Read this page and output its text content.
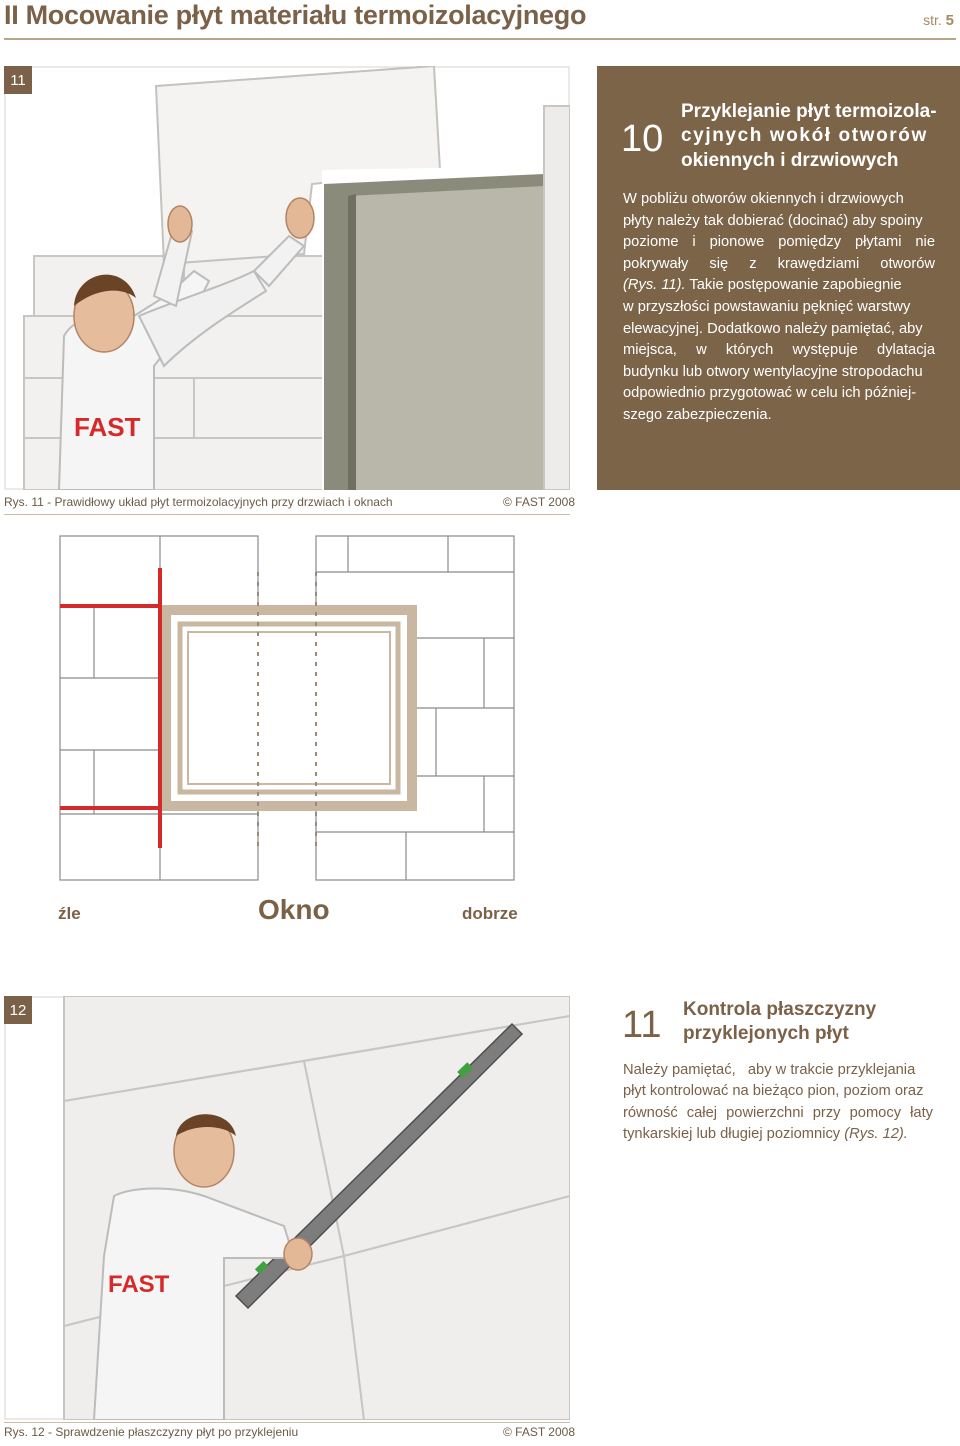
II Mocowanie płyt materiału termoizolacyjnego	str. 5
FAST
11
10
Przyklejanie płyt termoizola-
cyjnych wokół otworów
okiennych i drzwiowych
W pobliżu otworów okiennych i drzwiowych
płyty należy tak dobierać (docinać) aby spoiny
poziome i pionowe pomiędzy płytami nie
pokrywały się z krawędziami otworów
(Rys. 11). Takie postępowanie zapobiegnie
w przyszłości powstawaniu pęknięć warstwy
elewacyjnej. Dodatkowo należy pamiętać, aby
miejsca, w których występuje dylatacja
budynku lub otwory wentylacyjne stropodachu
odpowiednio przygotować w celu ich później-
szego zabezpieczenia.
Rys. 11 - Prawidłowy układ płyt termoizolacyjnych przy drzwiach i oknach	© FAST 2008
źle	Okno	dobrze
FAST
12	11 Kontrola płaszczyzny
przyklejonych płyt
Należy pamiętać,   aby w trakcie przyklejania
płyt kontrolować na bieżąco pion, poziom oraz
równość całej powierzchni przy pomocy łaty
tynkarskiej lub długiej poziomnicy (Rys. 12).
Rys. 12 - Sprawdzenie płaszczyzny płyt po przyklejeniu	© FAST 2008
